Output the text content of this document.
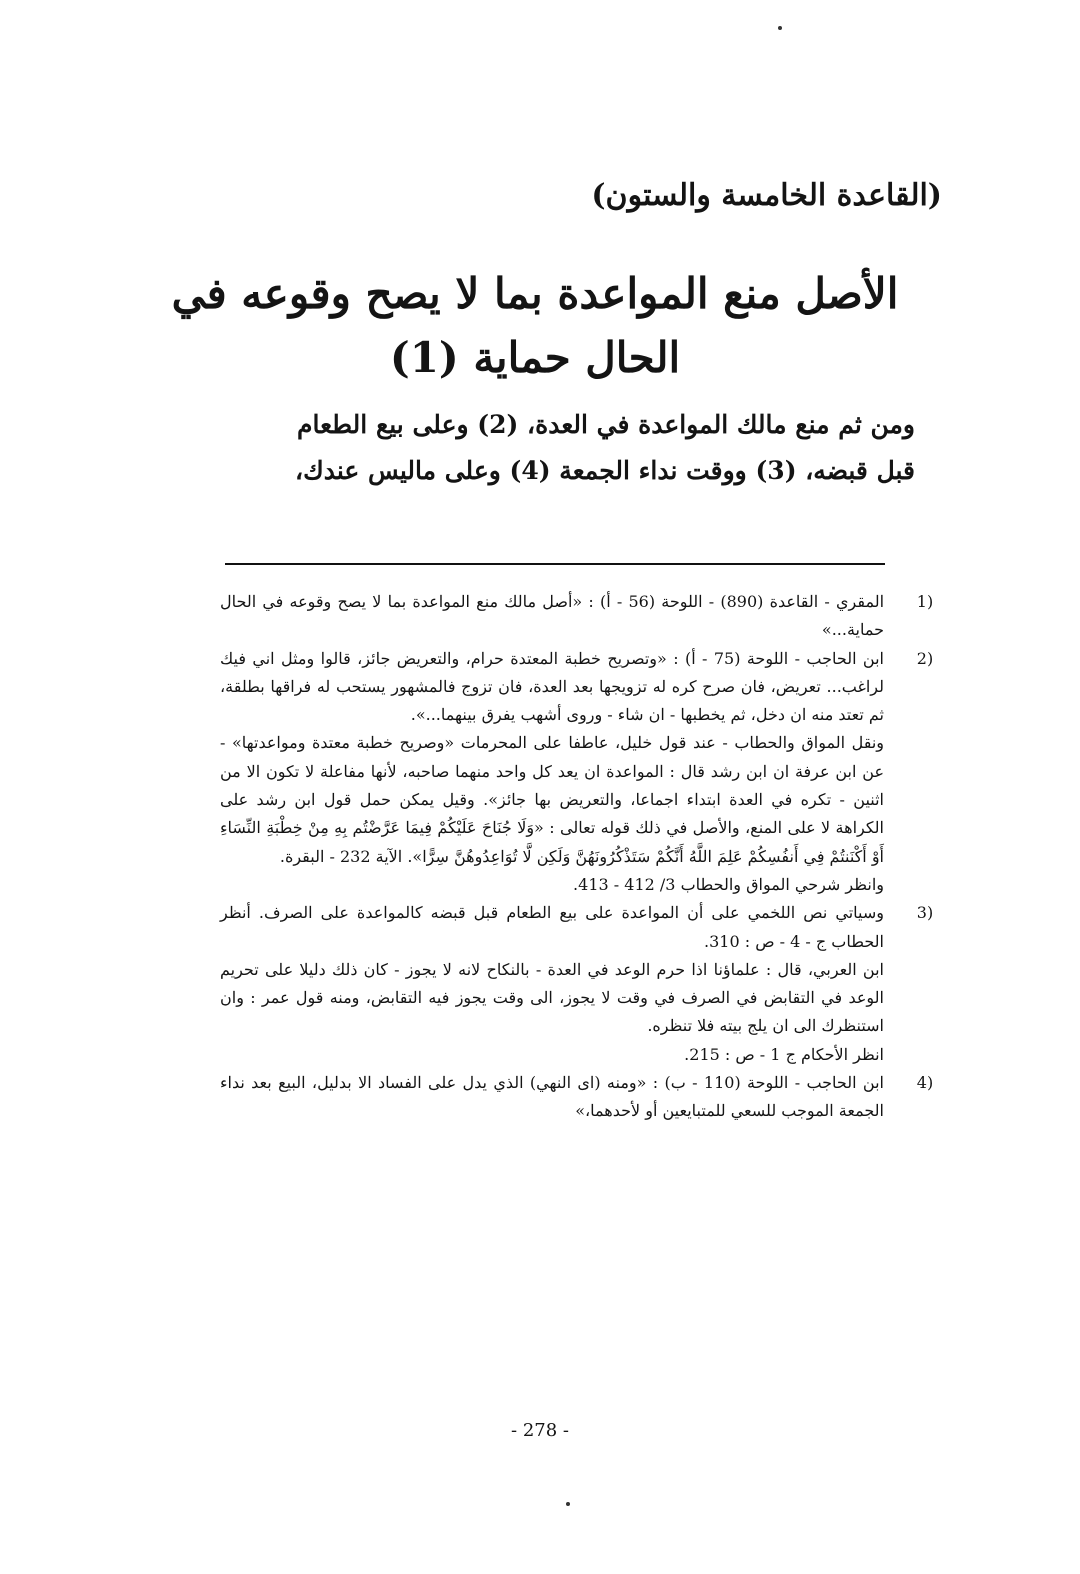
(القاعدة الخامسة والستون)
الأصل منع المواعدة بما لا يصح وقوعه في
الحال حماية (1)
ومن ثم منع مالك المواعدة في العدة، (2) وعلى بيع الطعام
قبل قبضه، (3) ووقت نداء الجمعة (4) وعلى ماليس عندك،
(1

المقري - القاعدة (890) - اللوحة (56 - أ) : «أصل مالك منع المواعدة بما لا يصح وقوعه في الحال حماية...»

(2

ابن الحاجب - اللوحة (75 - أ) : «وتصريح خطبة المعتدة حرام، والتعريض جائز، قالوا ومثل اني فيك لراغب... تعريض، فان صرح كره له تزويجها بعد العدة، فان تزوج فالمشهور يستحب له فراقها بطلقة، ثم تعتد منه ان دخل، ثم يخطبها - ان شاء - وروى أشهب يفرق بينهما...».

ونقل المواق والحطاب - عند قول خليل، عاطفا على المحرمات «وصريح خطبة معتدة ومواعدتها» - عن ابن عرفة ان ابن رشد قال : المواعدة ان يعد كل واحد منهما صاحبه، لأنها مفاعلة لا تكون الا من اثنين - تكره في العدة ابتداء اجماعا، والتعريض بها جائز». وقيل يمكن حمل قول ابن رشد على الكراهة لا على المنع، والأصل في ذلك قوله تعالى : «وَلَا جُنَاحَ عَلَيْكُمْ فِيمَا عَرَّضْتُم بِهِ مِنْ خِطْبَةِ النِّسَاءِ أَوْ أَكْنَنتُمْ فِي أَنفُسِكُمْ عَلِمَ اللَّهُ أَنَّكُمْ سَتَذْكُرُونَهُنَّ وَلَكِن لَّا تُوَاعِدُوهُنَّ سِرًّا». الآية 232 - البقرة.

وانظر شرحي المواق والحطاب 3/ 412 - 413.

(3

وسياتي نص اللخمي على أن المواعدة على بيع الطعام قبل قبضه كالمواعدة على الصرف. أنظر الحطاب ج - 4 - ص : 310.

ابن العربي، قال : علماؤنا اذا حرم الوعد في العدة - بالنكاح لانه لا يجوز - كان ذلك دليلا على تحريم الوعد في التقابض في الصرف في وقت لا يجوز، الى وقت يجوز فيه التقابض، ومنه قول عمر : وان استنظرك الى ان يلج بيته فلا تنظره.

انظر الأحكام ج 1 - ص : 215.

(4

ابن الحاجب - اللوحة (110 - ب) : «ومنه (اى النهي) الذي يدل على الفساد الا بدليل، البيع بعد نداء الجمعة الموجب للسعي للمتبايعين أو لأحدهما،»

- 278 -
